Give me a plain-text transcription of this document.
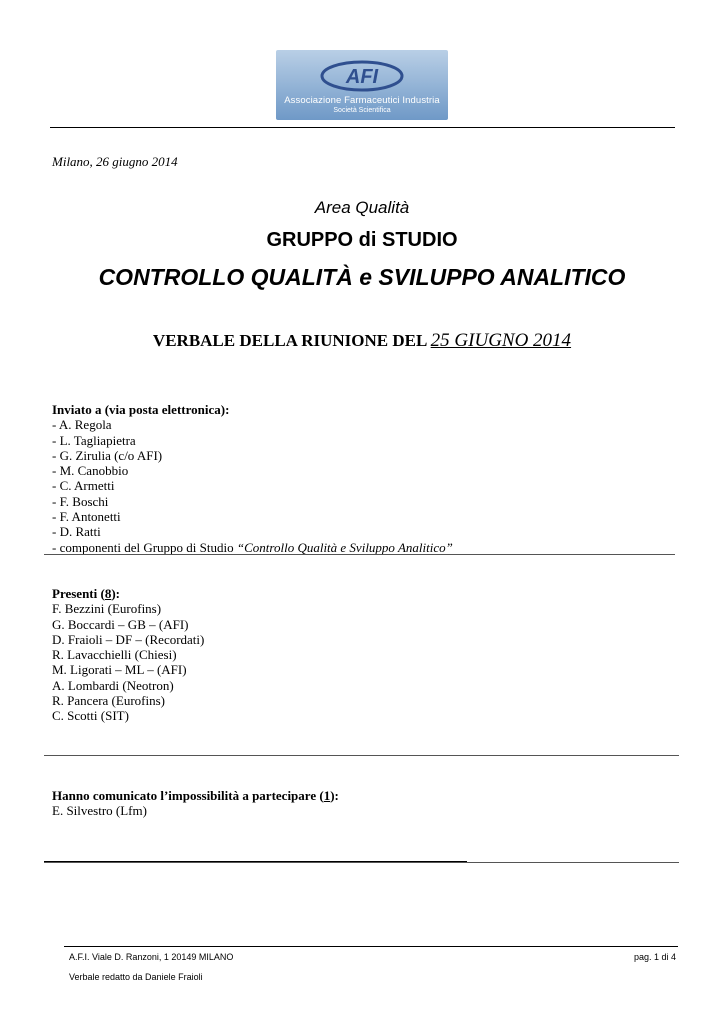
AFI
Associazione Farmaceutici Industria
Società Scientifica
Milano, 26 giugno 2014
Area Qualità
GRUPPO di STUDIO
CONTROLLO QUALITÀ e SVILUPPO ANALITICO
VERBALE DELLA RIUNIONE DEL 25 GIUGNO 2014
Inviato a (via posta elettronica):
- A. Regola
- L. Tagliapietra
- G. Zirulia (c/o AFI)
- M. Canobbio
- C. Armetti
- F. Boschi
- F. Antonetti
- D. Ratti
- componenti del Gruppo di Studio “Controllo Qualità e Sviluppo Analitico”
Presenti (8):
F. Bezzini (Eurofins)
G. Boccardi – GB – (AFI)
D. Fraioli – DF – (Recordati)
R. Lavacchielli (Chiesi)
M. Ligorati – ML – (AFI)
A. Lombardi (Neotron)
R. Pancera (Eurofins)
C. Scotti (SIT)
Hanno comunicato l’impossibilità a partecipare (1):
E. Silvestro (Lfm)
A.F.I. Viale D. Ranzoni, 1 20149 MILANO	pag. 1 di 4
Verbale redatto da Daniele Fraioli
